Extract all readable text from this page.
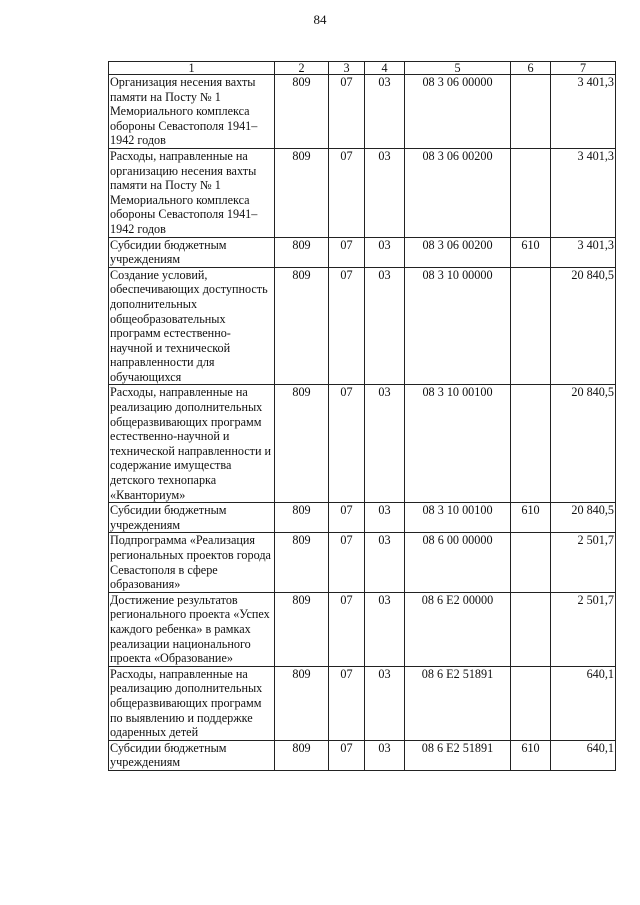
84
1	2	3	4	5	6	7
Организация несения вахты памяти на Посту № 1 Мемориального комплекса обороны Севастополя 1941–1942 годов	809	07	03	08 3 06 00000		3 401,3
Расходы, направленные на организацию несения вахты памяти на Посту № 1 Мемориального комплекса обороны Севастополя 1941–1942 годов	809	07	03	08 3 06 00200		3 401,3
Субсидии бюджетным учреждениям	809	07	03	08 3 06 00200	610	3 401,3
Создание условий, обеспечивающих доступность дополнительных общеобразовательных программ естественно-научной и технической направленности для обучающихся	809	07	03	08 3 10 00000		20 840,5
Расходы, направленные на реализацию дополнительных общеразвивающих программ естественно-научной и технической направленности и содержание имущества детского технопарка «Кванториум»	809	07	03	08 3 10 00100		20 840,5
Субсидии бюджетным учреждениям	809	07	03	08 3 10 00100	610	20 840,5
Подпрограмма «Реализация региональных проектов города Севастополя в сфере образования»	809	07	03	08 6 00 00000		2 501,7
Достижение результатов регионального проекта «Успех каждого ребенка» в рамках реализации национального проекта «Образование»	809	07	03	08 6 E2 00000		2 501,7
Расходы, направленные на реализацию дополнительных общеразвивающих программ по выявлению и поддержке одаренных детей	809	07	03	08 6 E2 51891		640,1
Субсидии бюджетным учреждениям	809	07	03	08 6 E2 51891	610	640,1
